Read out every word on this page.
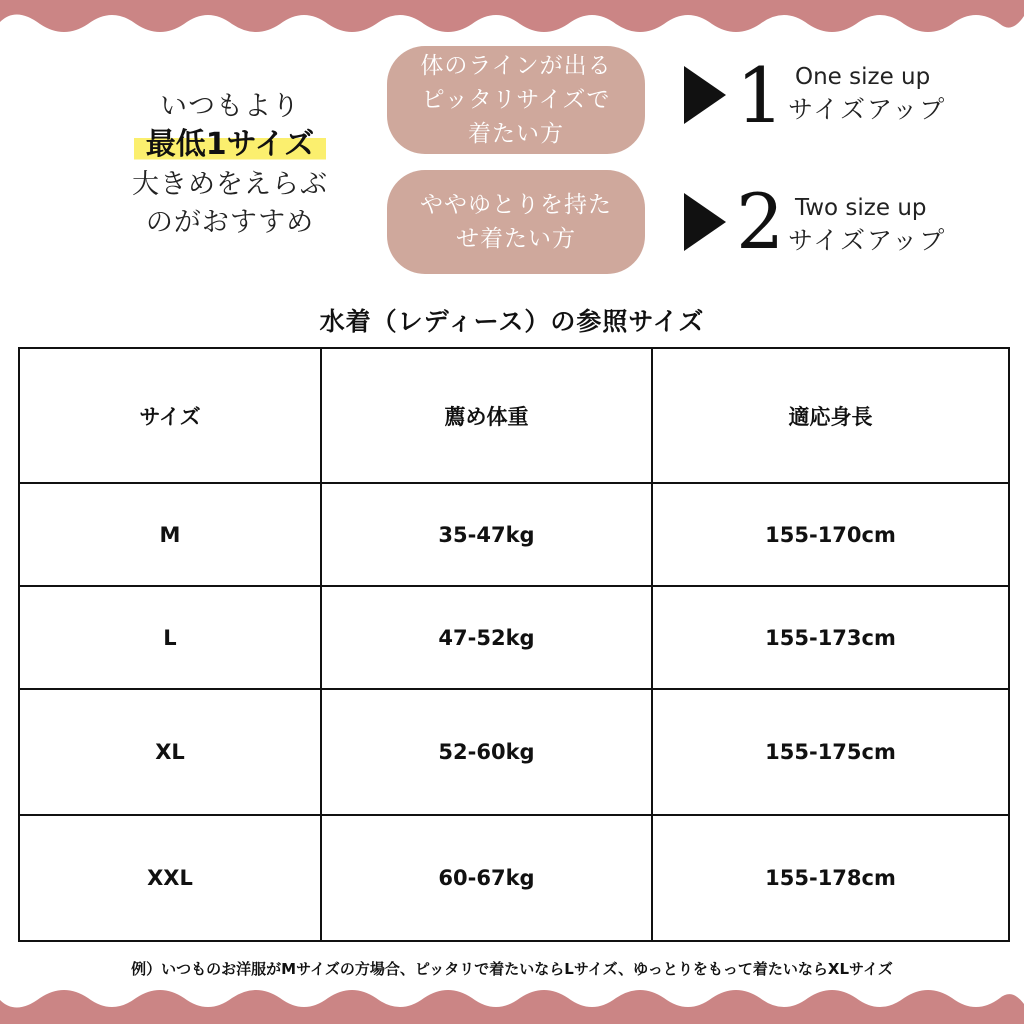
いつもより
最低1サイズ
大きめをえらぶ
のがおすすめ
体のラインが出る
ピッタリサイズで
着たい方	1 One size up
サイズアップ
ややゆとりを持た
せ着たい方	2 Two size up
サイズアップ
水着（レディース）の参照サイズ
サイズ	薦め体重	適応身長
M	35-47kg	155-170cm
L	47-52kg	155-173cm
XL	52-60kg	155-175cm
XXL	60-67kg	155-178cm
例）いつものお洋服がMサイズの方場合、ピッタリで着たいならLサイズ、ゆっとりをもって着たいならXLサイズ
